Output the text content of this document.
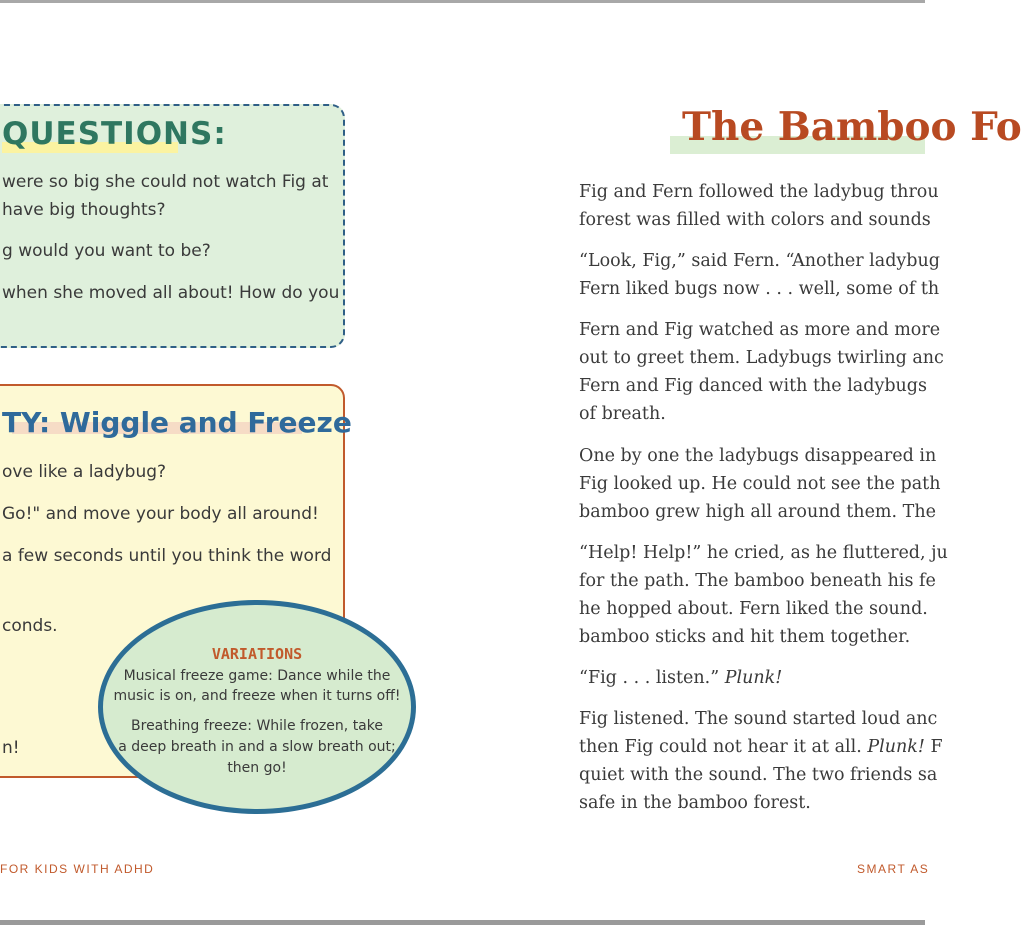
QUESTIONS:
were so big she could not watch Fig at
have big thoughts?
g would you want to be?
when she moved all about! How do you
TY: Wiggle and Freeze
ove like a ladybug?
Go!" and move your body all around!
a few seconds until you think the word
conds.
n!
VARIATIONS
Musical freeze game: Dance while the
music is on, and freeze when it turns off!
Breathing freeze: While frozen, take
a deep breath in and a slow breath out;
then go!
FOR KIDS WITH ADHD
The Bamboo Fo
Fig and Fern followed the ladybug throu
forest was filled with colors and sounds
“Look, Fig,” said Fern. “Another ladybug
Fern liked bugs now . . . well, some of th
Fern and Fig watched as more and more
out to greet them. Ladybugs twirling anc
Fern and Fig danced with the ladybugs
of breath.
One by one the ladybugs disappeared in
Fig looked up. He could not see the path
bamboo grew high all around them. The
“Help! Help!” he cried, as he fluttered, ju
for the path. The bamboo beneath his fe
he hopped about. Fern liked the sound.
bamboo sticks and hit them together.
“Fig . . . listen.” Plunk!
Fig listened. The sound started loud anc
then Fig could not hear it at all. Plunk! F
quiet with the sound. The two friends sa
safe in the bamboo forest.
SMART AS
